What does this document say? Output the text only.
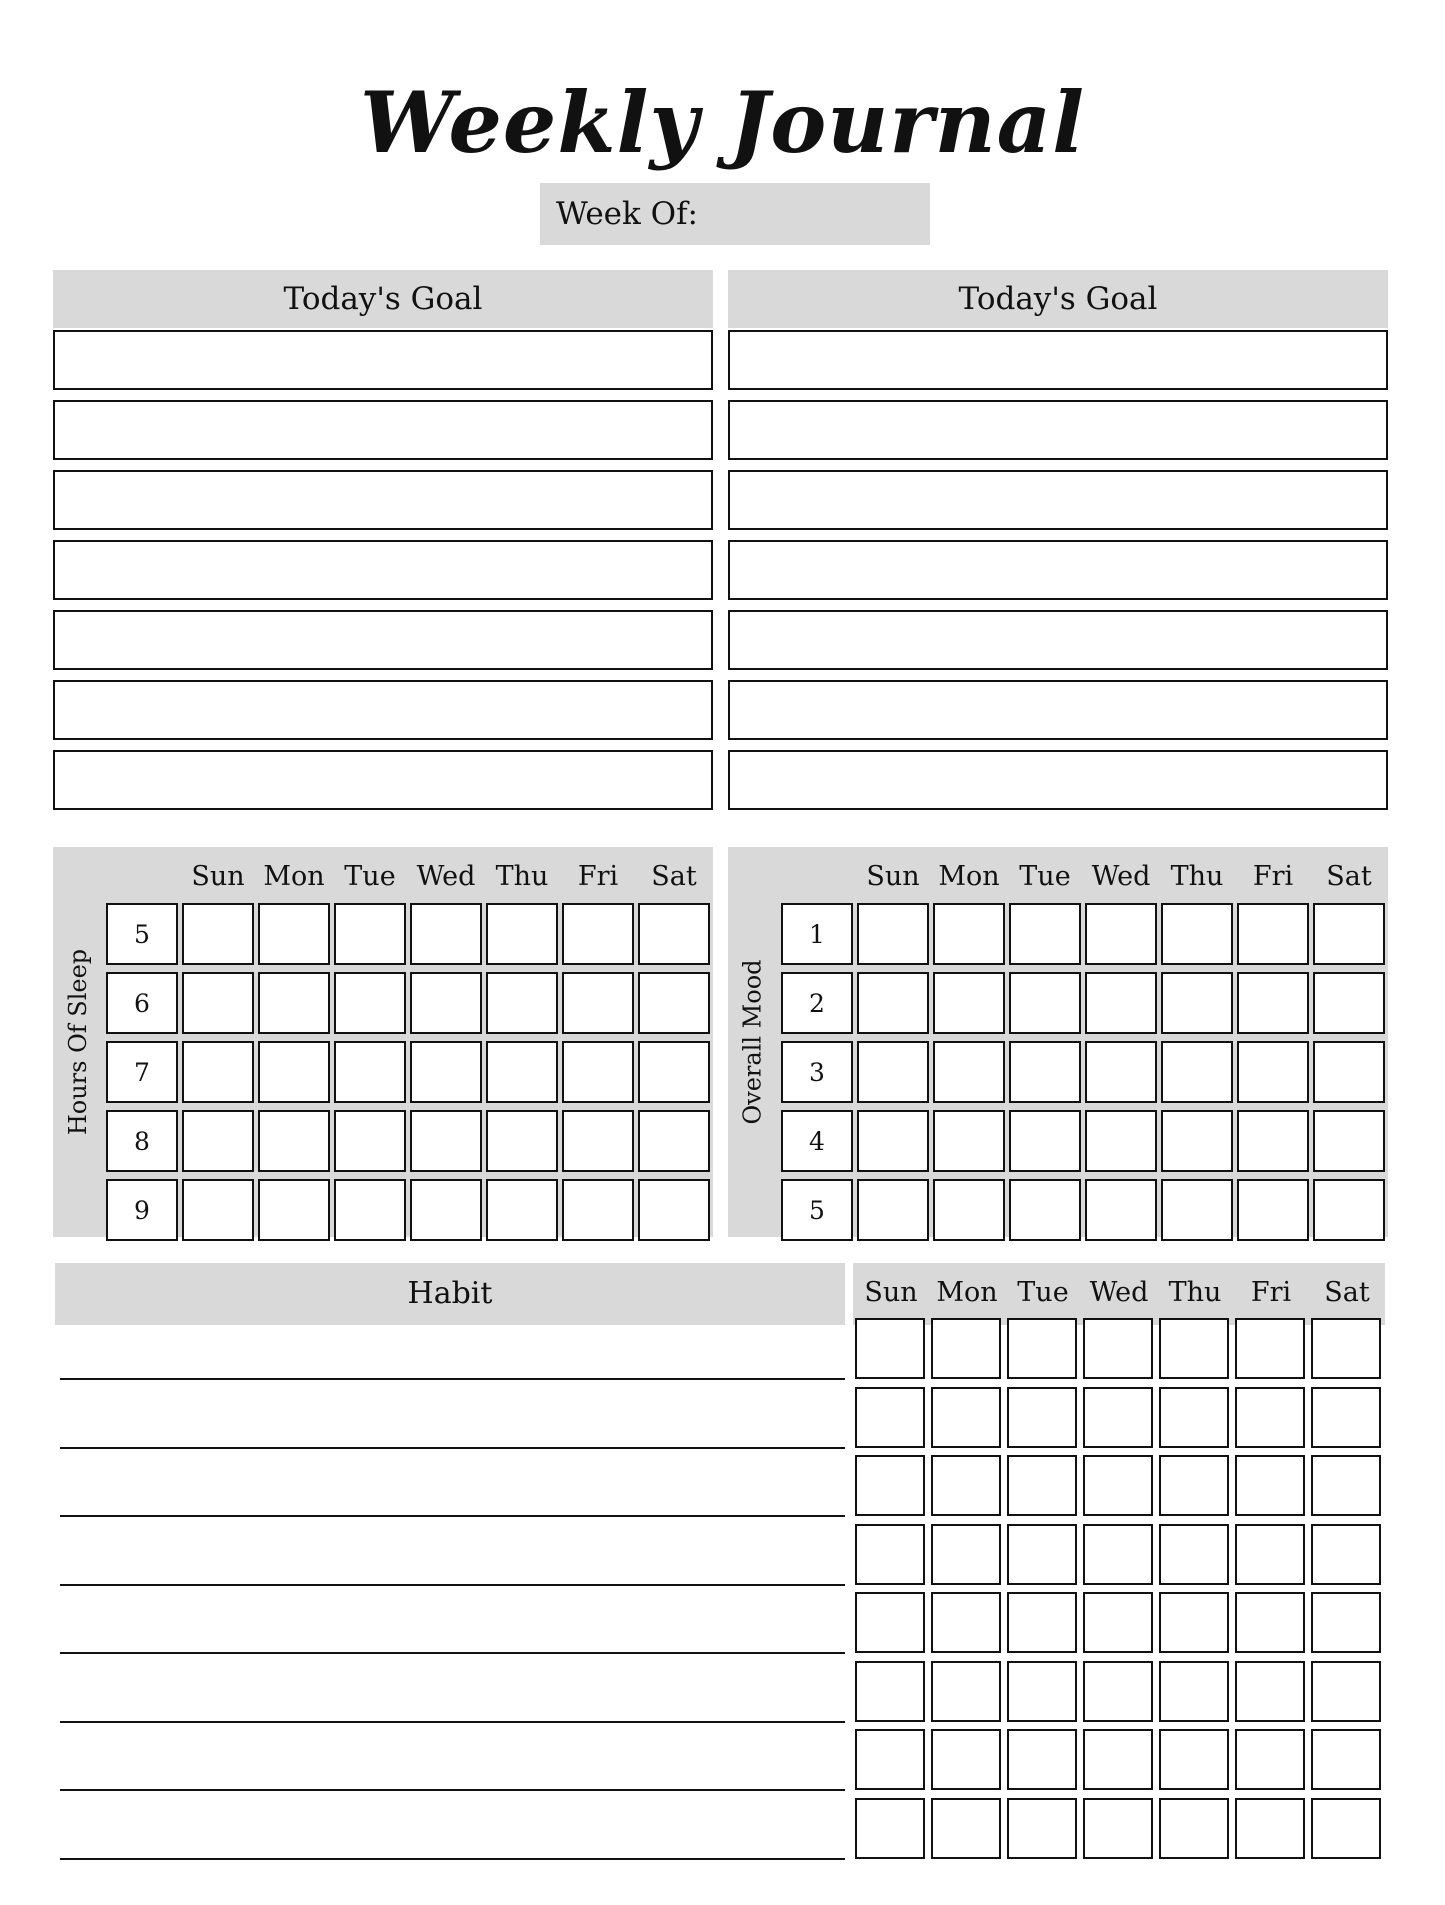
Weekly Journal
Week Of:
Today's Goal	Today's Goal
Hours Of Sleep
Sun Mon Tue Wed Thu	Fri	Sat
5
6
7
8
9
Overall Mood
Sun Mon Tue Wed Thu	Fri	Sat
1
2
3
4
5
Habit	Sun Mon Tue Wed Thu	Fri	Sat
